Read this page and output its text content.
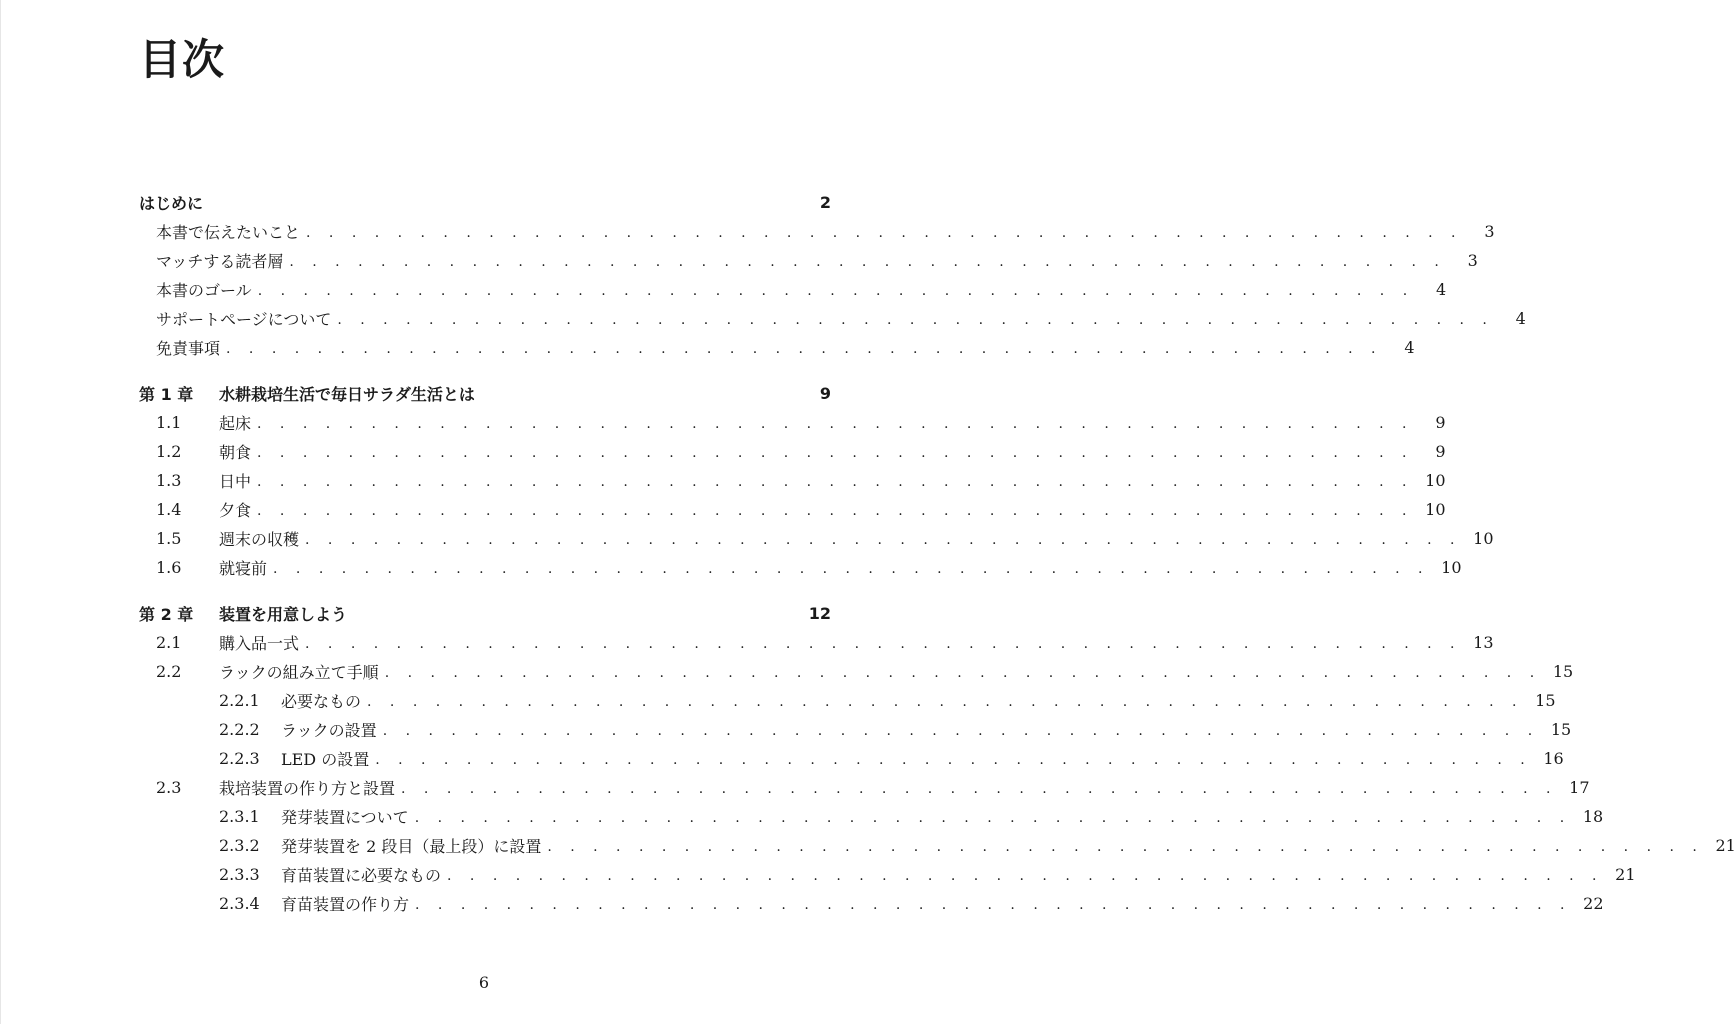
目次
はじめに	2
本書で伝えたいこと . . . . . . . . . . . . . . . . . . . . . . . . . . . . . . . . . . . . . . . . . . . . . . . . . . .	3
マッチする読者層 . . . . . . . . . . . . . . . . . . . . . . . . . . . . . . . . . . . . . . . . . . . . . . . . . . .	3
本書のゴール . . . . . . . . . . . . . . . . . . . . . . . . . . . . . . . . . . . . . . . . . . . . . . . . . . .	4
サポートページについて . . . . . . . . . . . . . . . . . . . . . . . . . . . . . . . . . . . . . . . . . . . . . . . . . . .	4
免責事項 . . . . . . . . . . . . . . . . . . . . . . . . . . . . . . . . . . . . . . . . . . . . . . . . . . .	4
第 1 章	水耕栽培生活で毎日サラダ生活とは	9
1.1	起床 . . . . . . . . . . . . . . . . . . . . . . . . . . . . . . . . . . . . . . . . . . . . . . . . . . .	9
1.2	朝食 . . . . . . . . . . . . . . . . . . . . . . . . . . . . . . . . . . . . . . . . . . . . . . . . . . .	9
1.3	日中 . . . . . . . . . . . . . . . . . . . . . . . . . . . . . . . . . . . . . . . . . . . . . . . . . . . 10
1.4	夕食 . . . . . . . . . . . . . . . . . . . . . . . . . . . . . . . . . . . . . . . . . . . . . . . . . . . 10
1.5	週末の収穫 . . . . . . . . . . . . . . . . . . . . . . . . . . . . . . . . . . . . . . . . . . . . . . . . . . . 10
1.6	就寝前 . . . . . . . . . . . . . . . . . . . . . . . . . . . . . . . . . . . . . . . . . . . . . . . . . . . 10
第 2 章	装置を用意しよう	12
2.1	購入品一式 . . . . . . . . . . . . . . . . . . . . . . . . . . . . . . . . . . . . . . . . . . . . . . . . . . . 13
2.2	ラックの組み立て手順 . . . . . . . . . . . . . . . . . . . . . . . . . . . . . . . . . . . . . . . . . . . . . . . . . . . 15
2.2.1	必要なもの . . . . . . . . . . . . . . . . . . . . . . . . . . . . . . . . . . . . . . . . . . . . . . . . . . . 15
2.2.2	ラックの設置 . . . . . . . . . . . . . . . . . . . . . . . . . . . . . . . . . . . . . . . . . . . . . . . . . . . 15
2.2.3	LED の設置 . . . . . . . . . . . . . . . . . . . . . . . . . . . . . . . . . . . . . . . . . . . . . . . . . . . 16
2.3	栽培装置の作り方と設置 . . . . . . . . . . . . . . . . . . . . . . . . . . . . . . . . . . . . . . . . . . . . . . . . . . . 17
2.3.1	発芽装置について . . . . . . . . . . . . . . . . . . . . . . . . . . . . . . . . . . . . . . . . . . . . . . . . . . . 18
2.3.2	発芽装置を 2 段目（最上段）に設置 . . . . . . . . . . . . . . . . . . . . . . . . . . . . . . . . . . . . . . . . . . . . . . . . . . . 21
2.3.3	育苗装置に必要なもの . . . . . . . . . . . . . . . . . . . . . . . . . . . . . . . . . . . . . . . . . . . . . . . . . . . 21
2.3.4	育苗装置の作り方 . . . . . . . . . . . . . . . . . . . . . . . . . . . . . . . . . . . . . . . . . . . . . . . . . . . 22
6
